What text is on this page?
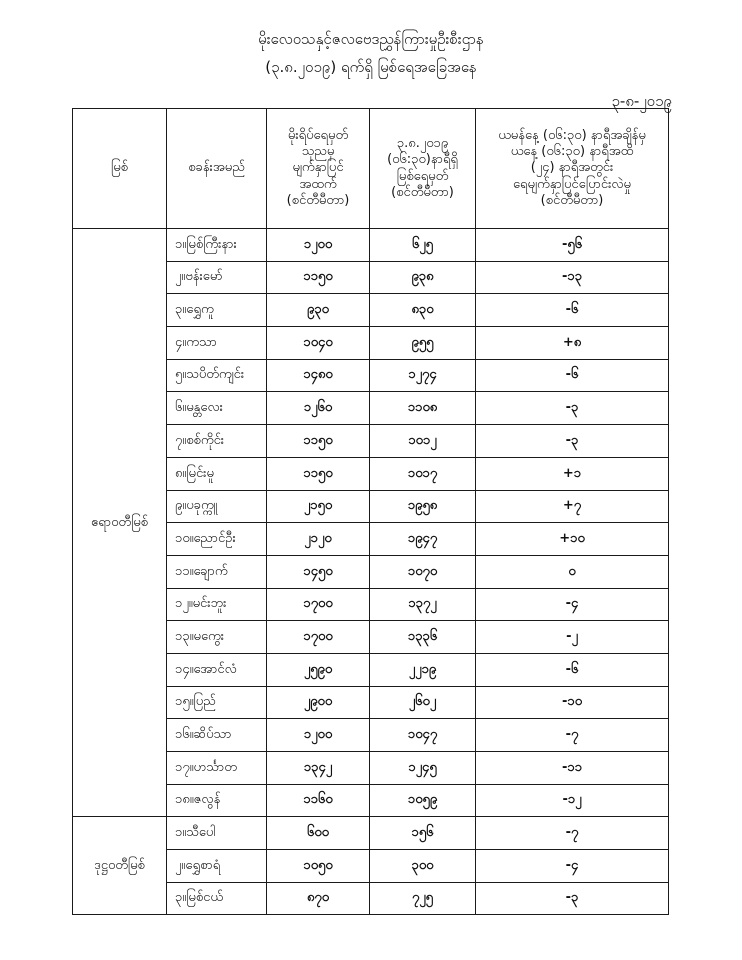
မိုးလေဝသနှင့်ဇလဗေဒညွှန်ကြားမှုဦးစီးဌာန
(၃.၈.၂၀၁၉) ရက်ရှိ မြစ်ရေအခြေအနေ
၃-၈-၂၀၁၉
မြစ်	စခန်းအမည်	မိုးရိပ်ရေမှတ်
သုညမှ
မျက်နှာပြင်
အထက်
(စင်တီမီတာ)	၃.၈.၂၀၁၉
(၀၆:၃၀)နာရီရှိ
မြစ်ရေမှတ်
(စင်တီမီတာ)	ယမန်နေ့ (၀၆:၃၀) နာရီအချိန်မှ
ယနေ့ (၀၆:၃၀) နာရီအထိ
(၂၄) နာရီအတွင်း
ရေမျက်နှာပြင်ပြောင်းလဲမှု
(စင်တီမီတာ)

ဧရာဝတီမြစ်	၁။မြစ်ကြီးနား	၁၂၀၀	၆၂၅	-၅၆
	၂။ဗန်းမော်	၁၁၅၀	၉၃၈	-၁၃
	၃။ရွှေကူ	၉၃၀	၈၃၀	-၆
	၄။ကသာ	၁၀၄၀	၉၅၅	+၈
	၅။သပိတ်ကျင်း	၁၄၈၀	၁၂၇၄	-၆
	၆။မန္တလေး	၁၂၆၀	၁၁၀၈	-၃
	၇။စစ်ကိုင်း	၁၁၅၀	၁၀၁၂	-၃
	၈။မြင်းမူ	၁၁၅၀	၁၀၁၇	+၁
	၉။ပခုက္ကူ	၂၁၅၀	၁၉၅၈	+၇
	၁၀။ညောင်ဦး	၂၁၂၀	၁၉၄၇	+၁၀
	၁၁။ချောက်	၁၄၅၀	၁၀၇၀	၀
	၁၂။မင်းဘူး	၁၇၀၀	၁၃၇၂	-၄
	၁၃။မကွေး	၁၇၀၀	၁၃၃၆	-၂
	၁၄။အောင်လံ	၂၅၉၀	၂၂၁၉	-၆
	၁၅။ပြည်	၂၉၀၀	၂၆၀၂	-၁၀
	၁၆။ဆိပ်သာ	၁၂၀၀	၁၀၄၇	-၇
	၁၇။ဟင်္သာတ	၁၃၄၂	၁၂၄၅	-၁၁
	၁၈။ဇလွန်	၁၁၆၀	၁၀၅၉	-၁၂
ဒုဋ္ဌဝတီမြစ်	၁။သီပေါ	၆၀၀	၁၅၆	-၇
	၂။ရွှေစာရံ	၁၀၅၀	၃၀၀	-၄
	၃။မြစ်ငယ်	၈၇၀	၇၂၅	-၃
